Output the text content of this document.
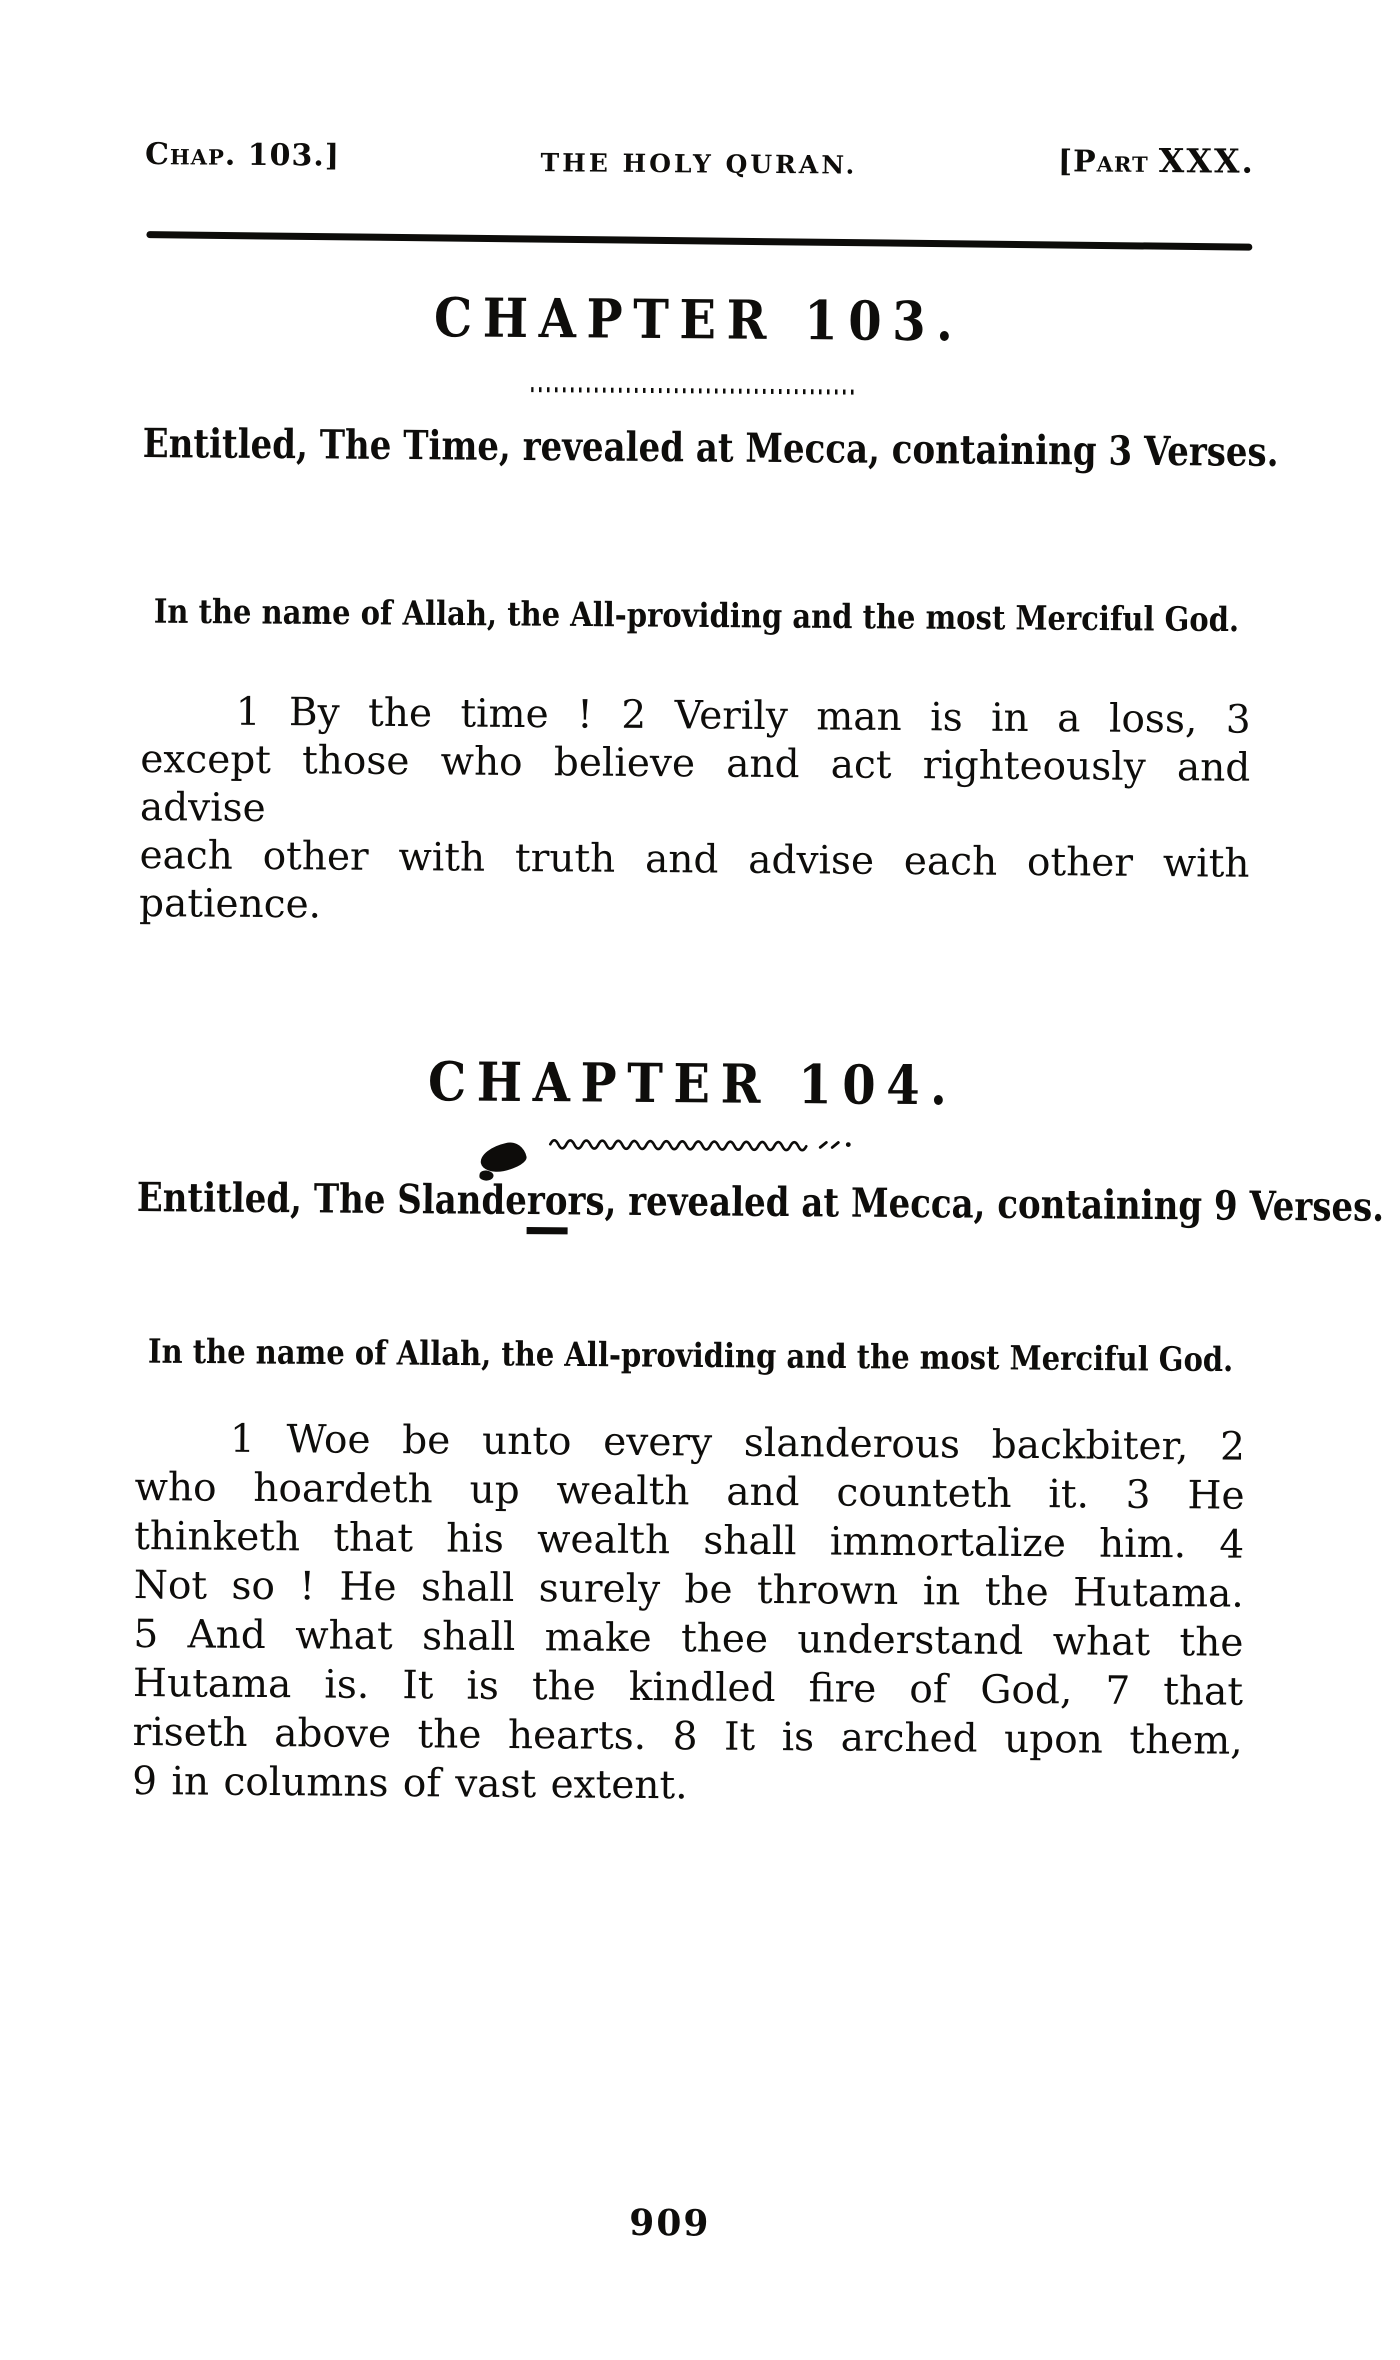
Chap. 103.]	THE HOLY QURAN.	[Part XXX.
CHAPTER 103.
Entitled, The Time, revealed at Mecca, containing 3 Verses.
In the name of Allah, the All-providing and the most Merciful God.
1 By the time ! 2 Verily man is in a loss, 3
except those who believe and act righteously and advise
each other with truth and advise each other with
patience.
CHAPTER 104.
Entitled, The Slanderors, revealed at Mecca, containing 9 Verses.
In the name of Allah, the All-providing and the most Merciful God.
1 Woe be unto every slanderous backbiter, 2
who hoardeth up wealth and counteth it. 3 He
thinketh that his wealth shall immortalize him. 4
Not so ! He shall surely be thrown in the Hutama.
5 And what shall make thee understand what the
Hutama is. It is the kindled fire of God, 7 that
riseth above the hearts. 8 It is arched upon them,
9 in columns of vast extent.
909
